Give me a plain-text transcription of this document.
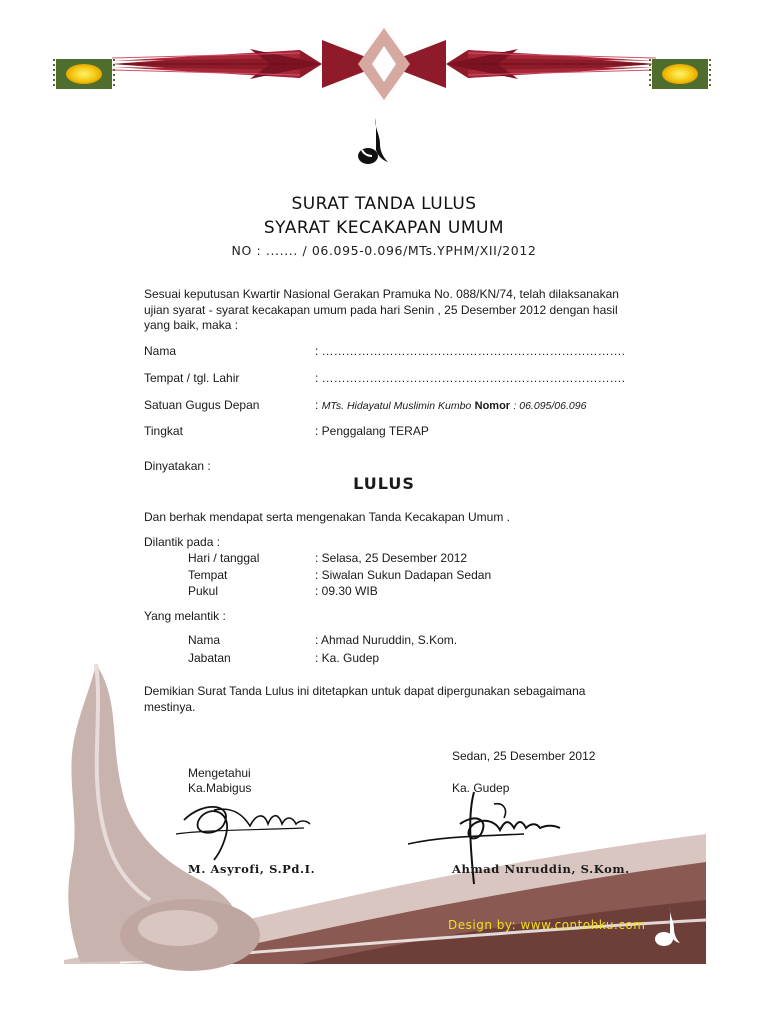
SURAT TANDA LULUS
SYARAT KECAKAPAN UMUM
NO : ....... / 06.095-0.096/MTs.YPHM/XII/2012
Sesuai keputusan Kwartir Nasional Gerakan Pramuka No. 088/KN/74, telah dilaksanakan ujian syarat - syarat kecakapan umum pada hari Senin , 25 Desember 2012 dengan hasil yang baik, maka :
Nama	: ………………………………………………………………….
Tempat / tgl. Lahir	: ………………………………………………………………….
Satuan Gugus Depan	: MTs. Hidayatul Muslimin Kumbo Nomor : 06.095/06.096
Tingkat	: Penggalang TERAP
Dinyatakan :
LULUS
Dan berhak mendapat serta mengenakan Tanda Kecakapan Umum .
Dilantik pada :
Hari / tanggal	: Selasa, 25 Desember 2012
Tempat	: Siwalan Sukun Dadapan Sedan
Pukul	: 09.30 WIB
Yang melantik :
Nama	: Ahmad Nuruddin, S.Kom.
Jabatan	: Ka. Gudep
Demikian Surat Tanda Lulus ini ditetapkan untuk dapat dipergunakan sebagaimana mestinya.
Sedan, 25 Desember 2012
Mengetahui
Ka.Mabigus
M. Asyrofi, S.Pd.I.
Ka. Gudep
Ahmad Nuruddin, S.Kom.
Design by: www.contohku.com
